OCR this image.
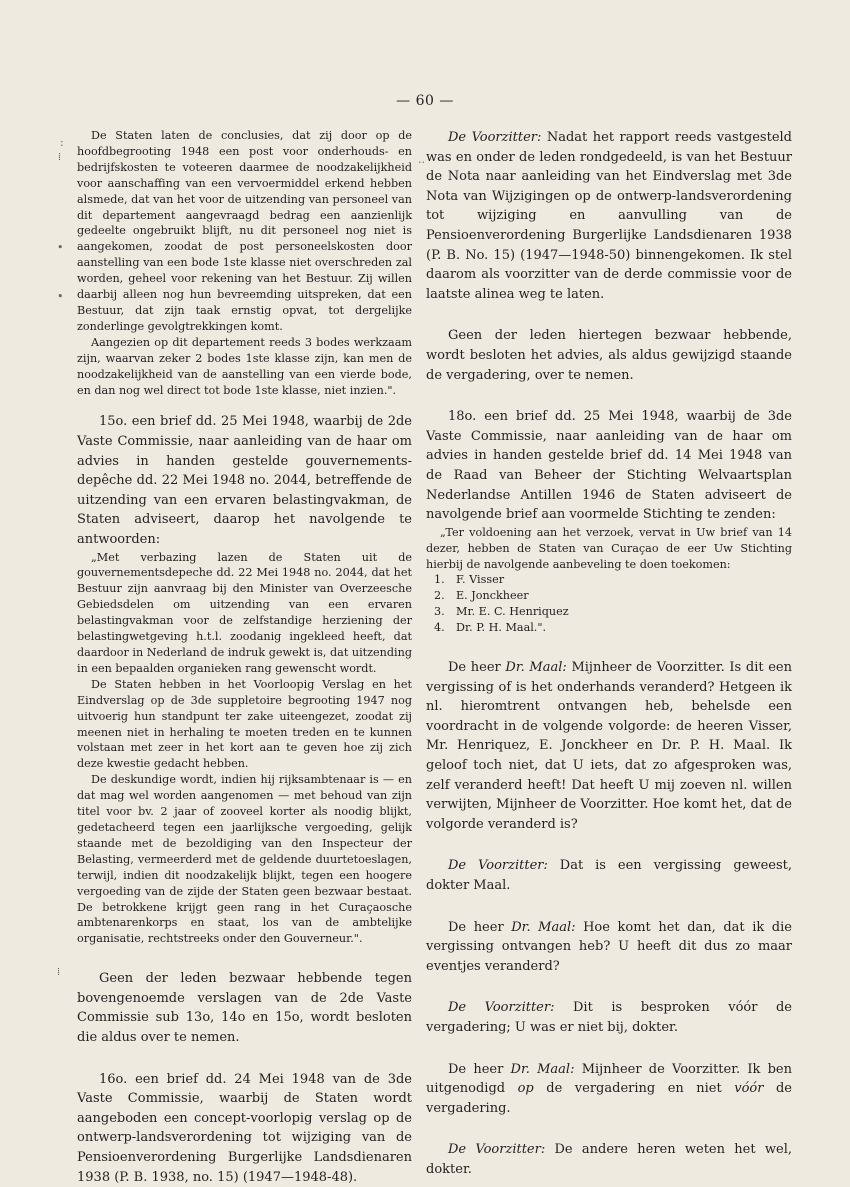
— 60 —
:
⁞
•
•
⁞
..

De Staten laten de conclusies, dat zij door op de hoofdbegrooting 1948 een post voor onderhouds- en bedrijfskosten te voteeren daarmee de noodzakelijkheid voor aanschaffing van een vervoermiddel erkend hebben alsmede, dat van het voor de uitzending van personeel van dit departement aangevraagd bedrag een aanzienlijk gedeelte ongebruikt blijft, nu dit personeel nog niet is aangekomen, zoodat de post personeelskosten door aanstelling van een bode 1ste klasse niet overschreden zal worden, geheel voor rekening van het Bestuur. Zij willen daarbij alleen nog hun bevreemding uitspreken, dat een Bestuur, dat zijn taak ernstig opvat, tot dergelijke zonderlinge gevolgtrekkingen komt.

Aangezien op dit departement reeds 3 bodes werkzaam zijn, waarvan zeker 2 bodes 1ste klasse zijn, kan men de noodzakelijkheid van de aanstelling van een vierde bode, en dan nog wel direct tot bode 1ste klasse, niet inzien.".

15o. een brief dd. 25 Mei 1948, waarbij de 2de Vaste Commissie, naar aanleiding van de haar om advies in handen gestelde gouvernements-depêche dd. 22 Mei 1948 no. 2044, betreffende de uitzending van een ervaren belastingvakman, de Staten adviseert, daarop het navolgende te antwoorden:

„Met verbazing lazen de Staten uit de gouvernementsdepeche dd. 22 Mei 1948 no. 2044, dat het Bestuur zijn aanvraag bij den Minister van Overzeesche Gebiedsdelen om uitzending van een ervaren belastingvakman voor de zelfstandige herziening der belastingwetgeving h.t.l. zoodanig ingekleed heeft, dat daardoor in Nederland de indruk gewekt is, dat uitzending in een bepaalden organieken rang gewenscht wordt.

De Staten hebben in het Voorloopig Verslag en het Eindverslag op de 3de suppletoire begrooting 1947 nog uitvoerig hun standpunt ter zake uiteengezet, zoodat zij meenen niet in herhaling te moeten treden en te kunnen volstaan met zeer in het kort aan te geven hoe zij zich deze kwestie gedacht hebben.

De deskundige wordt, indien hij rijksambtenaar is — en dat mag wel worden aangenomen — met behoud van zijn titel voor bv. 2 jaar of zooveel korter als noodig blijkt, gedetacheerd tegen een jaarlijksche vergoeding, gelijk staande met de bezoldiging van den Inspecteur der Belasting, vermeerderd met de geldende duurtetoeslagen, terwijl, indien dit noodzakelijk blijkt, tegen een hoogere vergoeding van de zijde der Staten geen bezwaar bestaat. De betrokkene krijgt geen rang in het Curaçaosche ambtenarenkorps en staat, los van de ambtelijke organisatie, rechtstreeks onder den Gouverneur.".

Geen der leden bezwaar hebbende tegen bovengenoemde verslagen van de 2de Vaste Commissie sub 13o, 14o en 15o, wordt besloten die aldus over te nemen.

16o. een brief dd. 24 Mei 1948 van de 3de Vaste Commissie, waarbij de Staten wordt aangeboden een concept-voorlopig verslag op de ontwerp-landsverordening tot wijziging van de Pensioenverordening Burgerlijke Landsdienaren 1938 (P. B. 1938, no. 15) (1947—1948-48).

De Voorzitter: Nadat het rapport reeds vastgesteld was en onder de leden rondgedeeld, is van het Bestuur de Nota naar aanleiding van het Eindverslag met 3de Nota van Wijzigingen op de ontwerp-landsverordening tot wijziging en aanvulling van de Pensioenverordening Burgerlijke Landsdienaren 1938 (P. B. No. 15) (1947—1948-50) binnengekomen. Ik stel daarom als voorzitter van de derde commissie voor de laatste alinea weg te laten.

Geen der leden hiertegen bezwaar hebbende, wordt besloten het advies, als aldus gewijzigd staande de vergadering, over te nemen.

18o. een brief dd. 25 Mei 1948, waarbij de 3de Vaste Commissie, naar aanleiding van de haar om advies in handen gestelde brief dd. 14 Mei 1948 van de Raad van Beheer der Stichting Welvaartsplan Nederlandse Antillen 1946 de Staten adviseert de navolgende brief aan voormelde Stichting te zenden:

„Ter voldoening aan het verzoek, vervat in Uw brief van 14 dezer, hebben de Staten van Curaçao de eer Uw Stichting hierbij de navolgende aanbeveling te doen toekomen:

1. F. Visser
2. E. Jonckheer
3. Mr. E. C. Henriquez
4. Dr. P. H. Maal.".

De heer Dr. Maal: Mijnheer de Voorzitter. Is dit een vergissing of is het onderhands veranderd? Hetgeen ik nl. hieromtrent ontvangen heb, behelsde een voordracht in de volgende volgorde: de heeren Visser, Mr. Henriquez, E. Jonckheer en Dr. P. H. Maal. Ik geloof toch niet, dat U iets, dat zo afgesproken was, zelf veranderd heeft! Dat heeft U mij zoeven nl. willen verwijten, Mijnheer de Voorzitter. Hoe komt het, dat de volgorde veranderd is?

De Voorzitter: Dat is een vergissing geweest, dokter Maal.

De heer Dr. Maal: Hoe komt het dan, dat ik die vergissing ontvangen heb? U heeft dit dus zo maar eventjes veranderd?

De Voorzitter: Dit is besproken vóór de vergadering; U was er niet bij, dokter.

De heer Dr. Maal: Mijnheer de Voorzitter. Ik ben uitgenodigd op de vergadering en niet vóór de vergadering.

De Voorzitter: De andere heren weten het wel, dokter.
